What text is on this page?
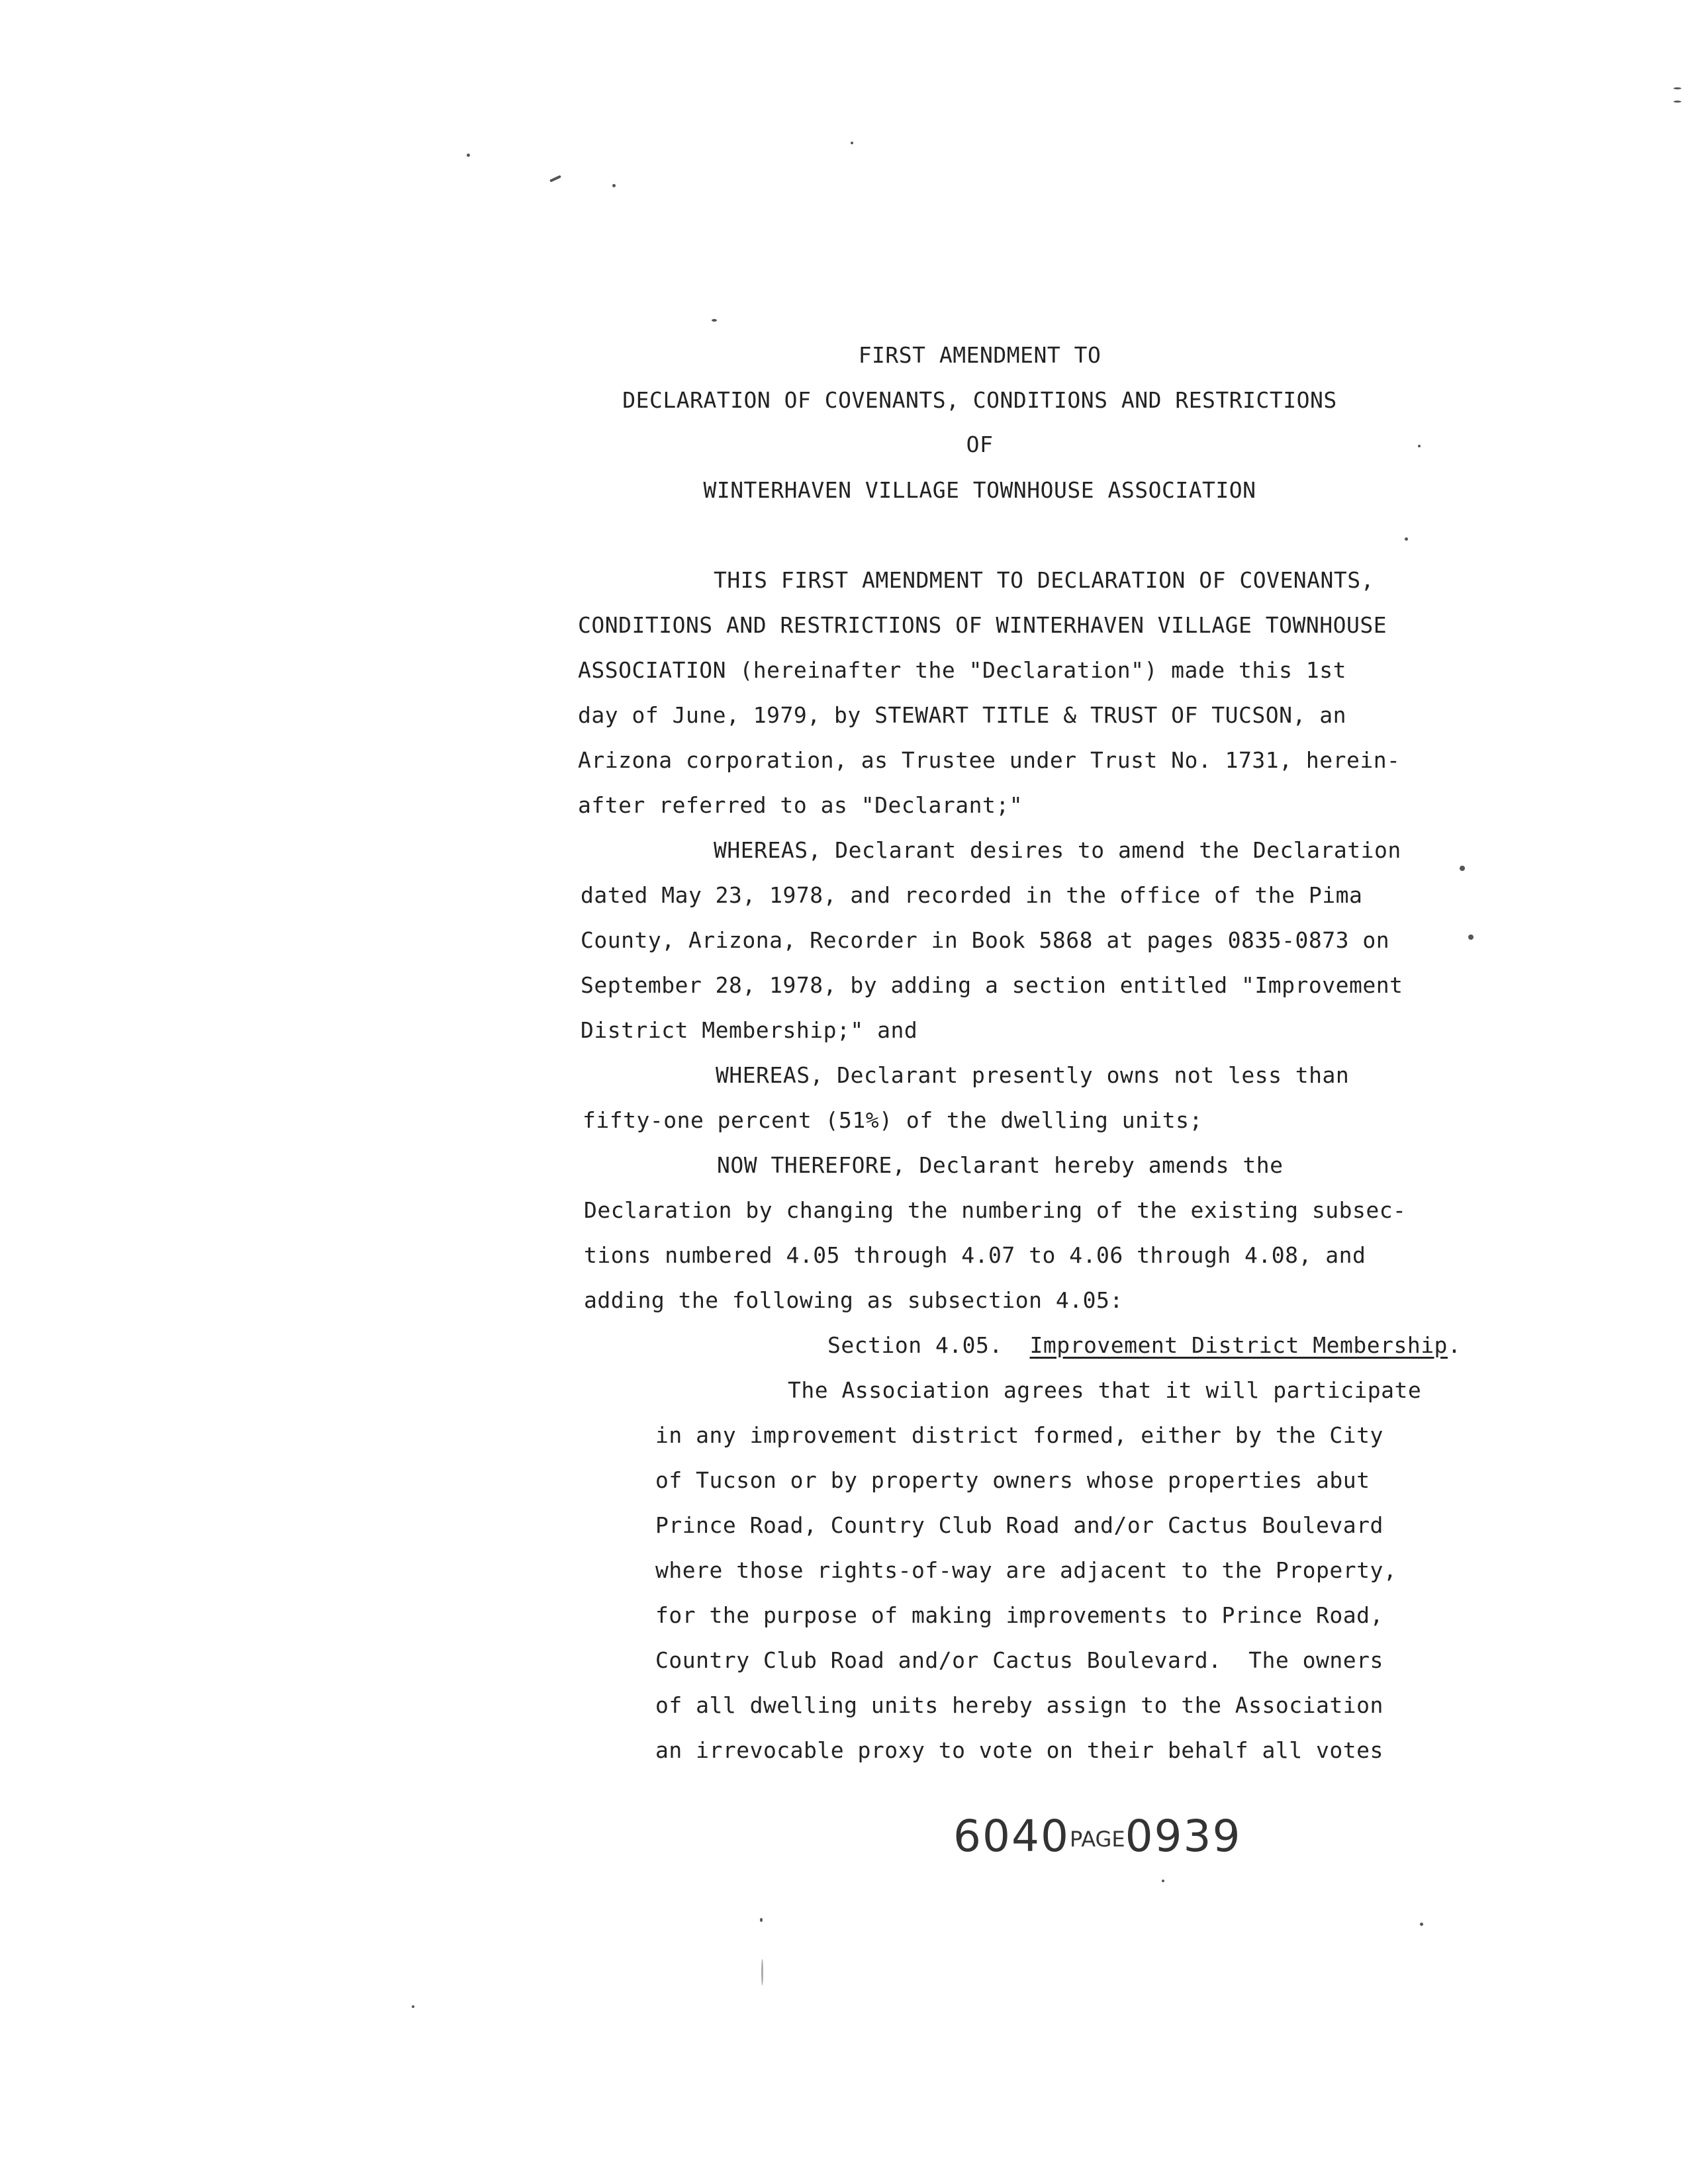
FIRST AMENDMENT TO
DECLARATION OF COVENANTS, CONDITIONS AND RESTRICTIONS
OF
WINTERHAVEN VILLAGE TOWNHOUSE ASSOCIATION
THIS FIRST AMENDMENT TO DECLARATION OF COVENANTS,
CONDITIONS AND RESTRICTIONS OF WINTERHAVEN VILLAGE TOWNHOUSE
ASSOCIATION (hereinafter the "Declaration") made this 1st
day of June, 1979, by STEWART TITLE & TRUST OF TUCSON, an
Arizona corporation, as Trustee under Trust No. 1731, herein-
after referred to as "Declarant;"
WHEREAS, Declarant desires to amend the Declaration
dated May 23, 1978, and recorded in the office of the Pima
County, Arizona, Recorder in Book 5868 at pages 0835-0873 on
September 28, 1978, by adding a section entitled "Improvement
District Membership;" and
WHEREAS, Declarant presently owns not less than
fifty-one percent (51%) of the dwelling units;
NOW THEREFORE, Declarant hereby amends the
Declaration by changing the numbering of the existing subsec-
tions numbered 4.05 through 4.07 to 4.06 through 4.08, and
adding the following as subsection 4.05:
Section 4.05. Improvement District Membership.
The Association agrees that it will participate
in any improvement district formed, either by the City
of Tucson or by property owners whose properties abut
Prince Road, Country Club Road and/or Cactus Boulevard
where those rights-of-way are adjacent to the Property,
for the purpose of making improvements to Prince Road,
Country Club Road and/or Cactus Boulevard.  The owners
of all dwelling units hereby assign to the Association
an irrevocable proxy to vote on their behalf all votes
6040PAGE0939
